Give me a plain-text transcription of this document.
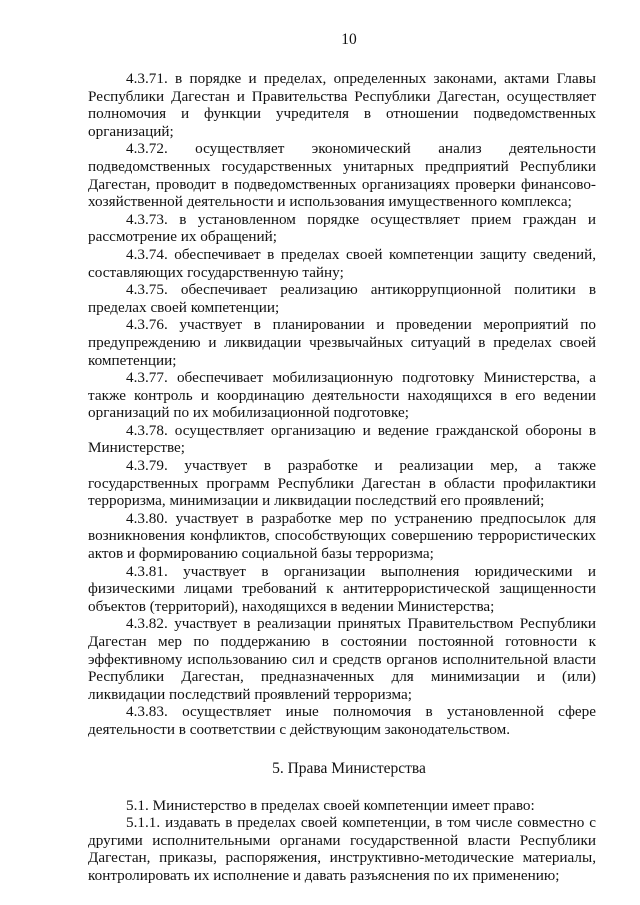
10

4.3.71. в порядке и пределах, определенных законами, актами Главы Республики Дагестан и Правительства Республики Дагестан, осуществляет полномочия и функции учредителя в отношении подведомственных организаций;

4.3.72. осуществляет экономический анализ деятельности подведомственных государственных унитарных предприятий Республики Дагестан, проводит в подведомственных организациях проверки финансово-хозяйственной деятельности и использования имущественного комплекса;

4.3.73. в установленном порядке осуществляет прием граждан и рассмотрение их обращений;

4.3.74. обеспечивает в пределах своей компетенции защиту сведений, составляющих государственную тайну;

4.3.75. обеспечивает реализацию антикоррупционной политики в пределах своей компетенции;

4.3.76. участвует в планировании и проведении мероприятий по предупреждению и ликвидации чрезвычайных ситуаций в пределах своей компетенции;

4.3.77. обеспечивает мобилизационную подготовку Министерства, а также контроль и координацию деятельности находящихся в его ведении организаций по их мобилизационной подготовке;

4.3.78. осуществляет организацию и ведение гражданской обороны в Министерстве;

4.3.79. участвует в разработке и реализации мер, а также государственных программ Республики Дагестан в области профилактики терроризма, минимизации и ликвидации последствий его проявлений;

4.3.80. участвует в разработке мер по устранению предпосылок для возникновения конфликтов, способствующих совершению террористических актов и формированию социальной базы терроризма;

4.3.81. участвует в организации выполнения юридическими и физическими лицами требований к антитеррористической защищенности объектов (территорий), находящихся в ведении Министерства;

4.3.82. участвует в реализации принятых Правительством Республики Дагестан мер по поддержанию в состоянии постоянной готовности к эффективному использованию сил и средств органов исполнительной власти Республики Дагестан, предназначенных для минимизации и (или) ликвидации последствий проявлений терроризма;

4.3.83. осуществляет иные полномочия в установленной сфере деятельности в соответствии с действующим законодательством.

5. Права Министерства

5.1. Министерство в пределах своей компетенции имеет право:

5.1.1. издавать в пределах своей компетенции, в том числе совместно с другими исполнительными органами государственной власти Республики Дагестан, приказы, распоряжения, инструктивно-методические материалы, контролировать их исполнение и давать разъяснения по их применению;
